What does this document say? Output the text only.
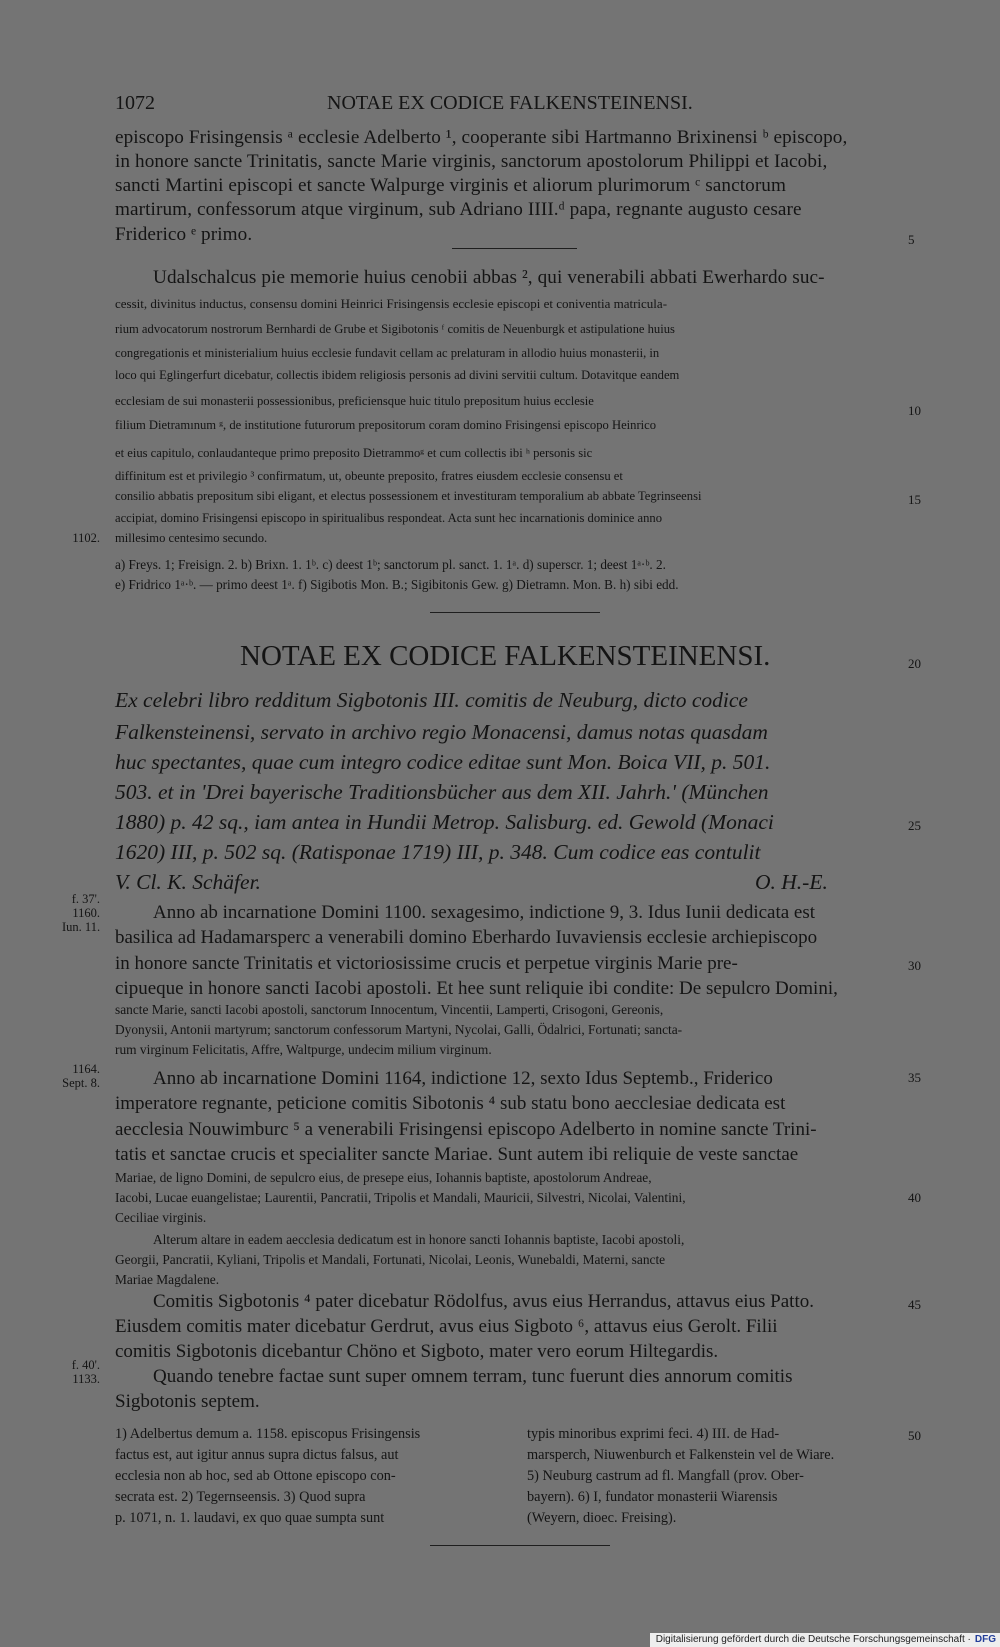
1072	NOTAE EX CODICE FALKENSTEINENSI.
episcopo Frisingensis ᵃ ecclesie Adelberto ¹, cooperante sibi Hartmanno Brixinensi ᵇ episcopo,
in honore sancte Trinitatis, sancte Marie virginis, sanctorum apostolorum Philippi et Iacobi,
sancti Martini episcopi et sancte Walpurge virginis et aliorum plurimorum ᶜ sanctorum
martirum, confessorum atque virginum, sub Adriano IIII.ᵈ papa, regnante augusto cesare
Friderico ᵉ primo.	5
Udalschalcus pie memorie huius cenobii abbas ², qui venerabili abbati Ewerhardo suc-
cessit, divinitus inductus, consensu domini Heinrici Frisingensis ecclesie episcopi et coniventia matricula-
rium advocatorum nostrorum Bernhardi de Grube et Sigibotonis ᶠ comitis de Neuenburgk et astipulatione huius
congregationis et ministerialium huius ecclesie fundavit cellam ac prelaturam in allodio huius monasterii, in
loco qui Eglingerfurt dicebatur, collectis ibidem religiosis personis ad divini servitii cultum. Dotavitque eandem
ecclesiam de sui monasterii possessionibus, preficiensque huic titulo prepositum huius ecclesie
filium Dietramınum ᵍ, de institutione futurorum prepositorum coram domino Frisingensi episcopo Heinrico
et eius capitulo, conlaudanteque primo preposito Dietrammoᵍ et cum collectis ibi ʰ personis sic
diffinitum est et privilegio ³ confirmatum, ut, obeunte preposito, fratres eiusdem ecclesie consensu et
consilio abbatis prepositum sibi eligant, et electus possessionem et investituram temporalium ab abbate Tegrinseensi
accipiat, domino Frisingensi episcopo in spiritualibus respondeat. Acta sunt hec incarnationis dominice anno
millesimo centesimo secundo.
1102.
10
15
a) Freys. 1; Freisign. 2. b) Brixn. 1. 1ᵇ. c) deest 1ᵇ; sanctorum pl. sanct. 1. 1ᵃ. d) superscr. 1; deest 1ᵃ·ᵇ. 2.
e) Fridrico 1ᵃ·ᵇ. — primo deest 1ᵃ. f) Sigibotis Mon. B.; Sigibitonis Gew. g) Dietramn. Mon. B. h) sibi edd.
NOTAE EX CODICE FALKENSTEINENSI.	20
Ex celebri libro redditum Sigbotonis III. comitis de Neuburg, dicto codice
Falkensteinensi, servato in archivo regio Monacensi, damus notas quasdam
huc spectantes, quae cum integro codice editae sunt Mon. Boica VII, p. 501.
503. et in 'Drei bayerische Traditionsbücher aus dem XII. Jahrh.' (München
1880) p. 42 sq., iam antea in Hundii Metrop. Salisburg. ed. Gewold (Monaci
1620) III, p. 502 sq. (Ratisponae 1719) III, p. 348. Cum codice eas contulit
V. Cl. K. Schäfer.	O. H.-E.
25
f. 37'.
1160.
Iun. 11.
Anno ab incarnatione Domini 1100. sexagesimo, indictione 9, 3. Idus Iunii dedicata est
basilica ad Hadamarsperc a venerabili domino Eberhardo Iuvaviensis ecclesie archiepiscopo
in honore sancte Trinitatis et victoriosissime crucis et perpetue virginis Marie pre-
cipueque in honore sancti Iacobi apostoli. Et hee sunt reliquie ibi condite: De sepulcro Domini,
sancte Marie, sancti Iacobi apostoli, sanctorum Innocentum, Vincentii, Lamperti, Crisogoni, Gereonis,
Dyonysii, Antonii martyrum; sanctorum confessorum Martyni, Nycolai, Galli, Ödalrici, Fortunati; sancta-
rum virginum Felicitatis, Affre, Waltpurge, undecim milium virginum.
30
1164.
Sept. 8.	Anno ab incarnatione Domini 1164, indictione 12, sexto Idus Septemb., Friderico
imperatore regnante, peticione comitis Sibotonis ⁴ sub statu bono aecclesiae dedicata est
aecclesia Nouwimburc ⁵ a venerabili Frisingensi episcopo Adelberto in nomine sancte Trini-
tatis et sanctae crucis et specialiter sancte Mariae. Sunt autem ibi reliquie de veste sanctae
Mariae, de ligno Domini, de sepulcro eius, de presepe eius, Iohannis baptiste, apostolorum Andreae,
Iacobi, Lucae euangelistae; Laurentii, Pancratii, Tripolis et Mandali, Mauricii, Silvestri, Nicolai, Valentini,
Ceciliae virginis.
Alterum altare in eadem aecclesia dedicatum est in honore sancti Iohannis baptiste, Iacobi apostoli,
Georgii, Pancratii, Kyliani, Tripolis et Mandali, Fortunati, Nicolai, Leonis, Wunebaldi, Materni, sancte
Mariae Magdalene.
35
40
Comitis Sigbotonis ⁴ pater dicebatur Rödolfus, avus eius Herrandus, attavus eius Patto.
Eiusdem comitis mater dicebatur Gerdrut, avus eius Sigboto ⁶, attavus eius Gerolt. Filii
comitis Sigbotonis dicebantur Chöno et Sigboto, mater vero eorum Hiltegardis.
45
f. 40'.
1133.	Quando tenebre factae sunt super omnem terram, tunc fuerunt dies annorum comitis
Sigbotonis septem.
1) Adelbertus demum a. 1158. episcopus Frisingensis
factus est, aut igitur annus supra dictus falsus, aut
ecclesia non ab hoc, sed ab Ottone episcopo con-
secrata est. 2) Tegernseensis. 3) Quod supra
p. 1071, n. 1. laudavi, ex quo quae sumpta sunt
typis minoribus exprimi feci. 4) III. de Had-
marsperch, Niuwenburch et Falkenstein vel de Wiare.
5) Neuburg castrum ad fl. Mangfall (prov. Ober-
bayern). 6) I, fundator monasterii Wiarensis
(Weyern, dioec. Freising).
50
Digitalisierung gefördert durch die Deutsche Forschungsgemeinschaft · DFG
